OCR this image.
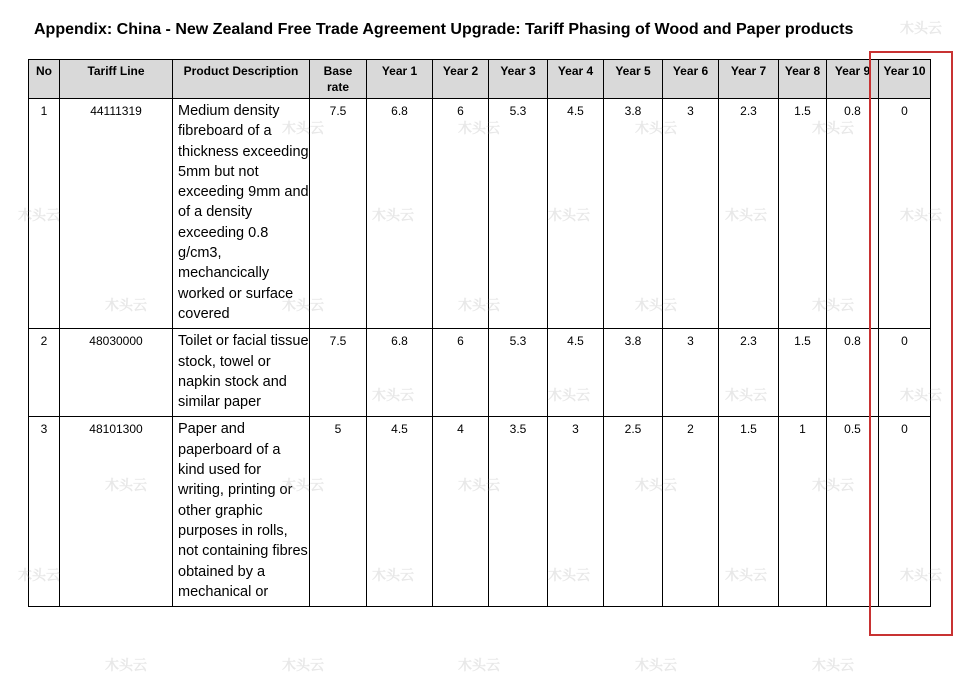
Appendix: China - New Zealand Free Trade Agreement Upgrade: Tariff Phasing of Wood and Paper products
No	Tariff Line	Product Description	Base rate	Year 1	Year 2	Year 3	Year 4	Year 5	Year 6	Year 7	Year 8	Year 9	Year 10
1	44111319	Medium density fibreboard of a thickness exceeding 5mm but not exceeding 9mm and of a density exceeding 0.8 g/cm3, mechancically worked or surface covered	7.5	6.8	6	5.3	4.5	3.8	3	2.3	1.5	0.8	0
2	48030000	Toilet or facial tissue stock, towel or napkin stock and similar paper	7.5	6.8	6	5.3	4.5	3.8	3	2.3	1.5	0.8	0
3	48101300	Paper and paperboard of a kind used for writing, printing or other graphic purposes in rolls, not containing fibres obtained by a mechanical or	5	4.5	4	3.5	3	2.5	2	1.5	1	0.5	0
木头云
木头云	木头云	木头云	木头云	木头云
木头云	木头云	木头云	木头云	木头云
木头云	木头云	木头云	木头云
木头云	木头云	木头云	木头云	木头云
木头云	木头云	木头云	木头云	木头云
木头云	木头云	木头云	木头云	木头云
木头云	木头云	木头云	木头云
